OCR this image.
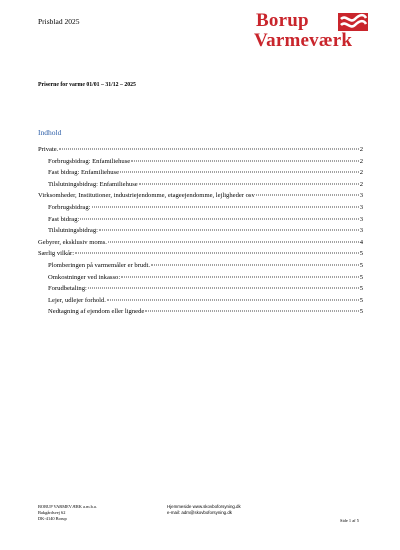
Prisblad 2025	Borup
Varmeværk
Priserne for varme 01/01 – 31/12 – 2025
Indhold
Private.	2
Forbrugsbidrag: Enfamiliehuse	2
Fast bidrag: Enfamiliehuse	2
Tilslutningsbidrag: Enfamiliehuse	2
Virksomheder, Institutioner, industriejendomme, etageejendomme, lejligheder osv	3
Forbrugsbidrag:	3
Fast bidrag:	3
Tilslutningsbidrag:	3
Gebyrer, eksklusiv moms.	4
Særlig vilkår:	5
Plomberingen på varmemåler er brudt.	5
Omkostninger ved inkasso:	5
Forudbetaling:	5
Lejer, udlejer forhold.	5
Nedtagning af ejendom eller lignede	5
BORUP VARMEVÆRK a.m.b.a.
Bakgårdsvej 62
DK-4140 Borup
Hjemmeside www.skovboforsyning.dk
e-mail: adm@skovboforsyning.dk
Side 1 af 5
